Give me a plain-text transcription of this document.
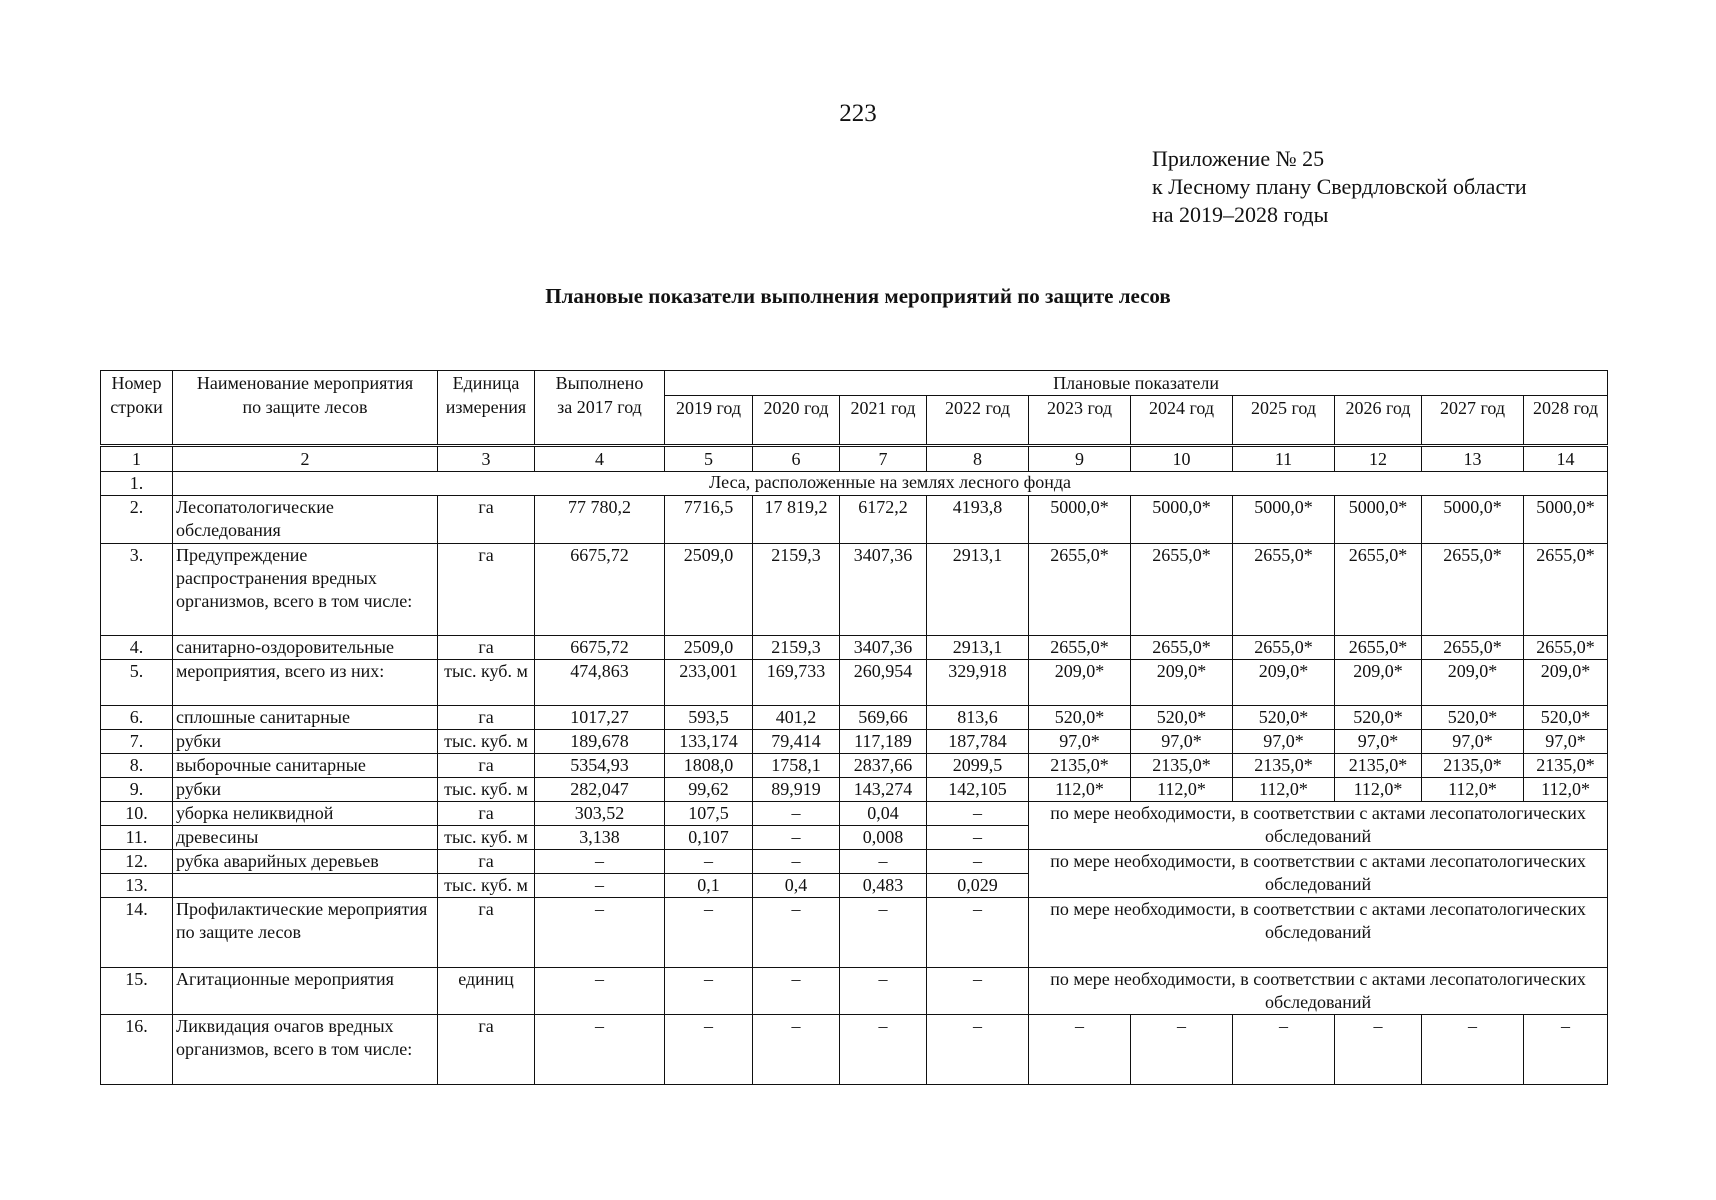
223
Приложение № 25
к Лесному плану Свердловской области
на 2019–2028 годы
Плановые показатели выполнения мероприятий по защите лесов
Номер строки	Наименование мероприятия по защите лесов	Единица измерения	Выполнено за 2017 год	Плановые показатели									
				2019 год	2020 год	2021 год	2022 год	2023 год	2024 год	2025 год	2026 год	2027 год	2028 год
1	2	3	4	5	6	7	8	9	10	11	12	13	14
1.	Леса, расположенные на землях лесного фонда												
2.	Лесопатологические обследования	га	77 780,2	7716,5	17 819,2	6172,2	4193,8	5000,0*	5000,0*	5000,0*	5000,0*	5000,0*	5000,0*
3.	Предупреждение распространения вредных организмов, всего в том числе:	га	6675,72	2509,0	2159,3	3407,36	2913,1	2655,0*	2655,0*	2655,0*	2655,0*	2655,0*	2655,0*
4.	санитарно-оздоровительные	га	6675,72	2509,0	2159,3	3407,36	2913,1	2655,0*	2655,0*	2655,0*	2655,0*	2655,0*	2655,0*
5.	мероприятия, всего из них:	тыс. куб. м	474,863	233,001	169,733	260,954	329,918	209,0*	209,0*	209,0*	209,0*	209,0*	209,0*
6.	сплошные санитарные	га	1017,27	593,5	401,2	569,66	813,6	520,0*	520,0*	520,0*	520,0*	520,0*	520,0*
7.	рубки	тыс. куб. м	189,678	133,174	79,414	117,189	187,784	97,0*	97,0*	97,0*	97,0*	97,0*	97,0*
8.	выборочные санитарные	га	5354,93	1808,0	1758,1	2837,66	2099,5	2135,0*	2135,0*	2135,0*	2135,0*	2135,0*	2135,0*
9.	рубки	тыс. куб. м	282,047	99,62	89,919	143,274	142,105	112,0*	112,0*	112,0*	112,0*	112,0*	112,0*
10.	уборка неликвидной	га	303,52	107,5	–	0,04	–	по мере необходимости, в соответствии с актами лесопатологических обследований					
11.	древесины	тыс. куб. м	3,138	0,107	–	0,008	–						
12.	рубка аварийных деревьев	га	–	–	–	–	–	по мере необходимости, в соответствии с актами лесопатологических обследований					
13.		тыс. куб. м	–	0,1	0,4	0,483	0,029						
14.	Профилактические мероприятия по защите лесов	га	–	–	–	–	–	по мере необходимости, в соответствии с актами лесопатологических обследований					
15.	Агитационные мероприятия	единиц	–	–	–	–	–	по мере необходимости, в соответствии с актами лесопатологических обследований					
16.	Ликвидация очагов вредных организмов, всего в том числе:	га	–	–	–	–	–	–	–	–	–	–	–
